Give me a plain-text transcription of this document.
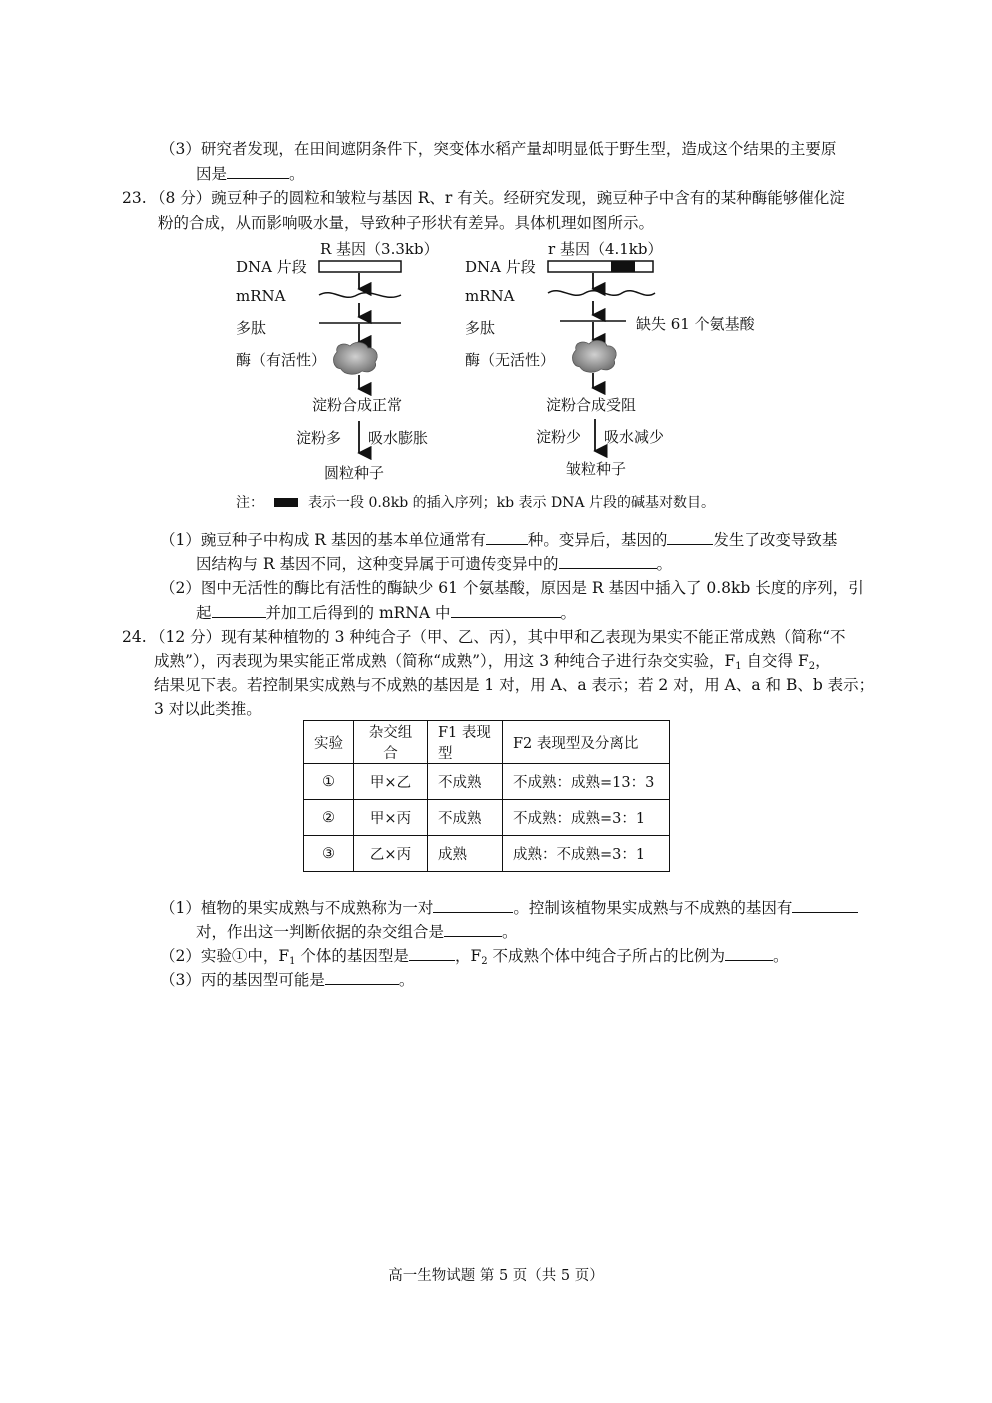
（3）研究者发现，在田间遮阴条件下，突变体水稻产量却明显低于野生型，造成这个结果的主要原
因是	。
23. （8 分）豌豆种子的圆粒和皱粒与基因 R、r 有关。经研究发现，豌豆种子中含有的某种酶能够催化淀
粉的合成，从而影响吸水量，导致种子形状有差异。具体机理如图所示。
R 基因（3.3kb）
DNA 片段
mRNA
多肽
酶（有活性）
淀粉合成正常
淀粉多 吸水膨胀
圆粒种子
r 基因（4.1kb）
DNA 片段
mRNA
多肽	缺失 61 个氨基酸
酶（无活性）
淀粉合成受阻
淀粉少 吸水减少
皱粒种子
注：	表示一段 0.8kb 的插入序列；kb 表示 DNA 片段的碱基对数目。
（1）豌豆种子中构成 R 基因的基本单位通常有	种。变异后，基因的	发生了改变导致基
因结构与 R 基因不同，这种变异属于可遗传变异中的	。
（2）图中无活性的酶比有活性的酶缺少 61 个氨基酸，原因是 R 基因中插入了 0.8kb 长度的序列，引
起	并加工后得到的 mRNA 中	。
24. （12 分）现有某种植物的 3 种纯合子（甲、乙、丙），其中甲和乙表现为果实不能正常成熟（简称“不
成熟”），丙表现为果实能正常成熟（简称“成熟”），用这 3 种纯合子进行杂交实验，$F_1$ 自交得 $F_2$，
结果见下表。若控制果实成熟与不成熟的基因是 1 对，用 A、a 表示；若 2 对，用 A、a 和 B、b 表示；
3 对以此类推。
实验	杂交组合	F1 表现型	F2 表现型及分离比
①	甲×乙	不成熟	不成熟：成熟=13：3
②	甲×丙	不成熟	不成熟：成熟=3：1
③	乙×丙	成熟	成熟：不成熟=3：1
（1）植物的果实成熟与不成熟称为一对	。控制该植物果实成熟与不成熟的基因有
对，作出这一判断依据的杂交组合是	。
（2）实验①中，$F_1$ 个体的基因型是	，$F_2$ 不成熟个体中纯合子所占的比例为	。
（3）丙的基因型可能是	。
高一生物试题 第 5 页（共 5 页）
